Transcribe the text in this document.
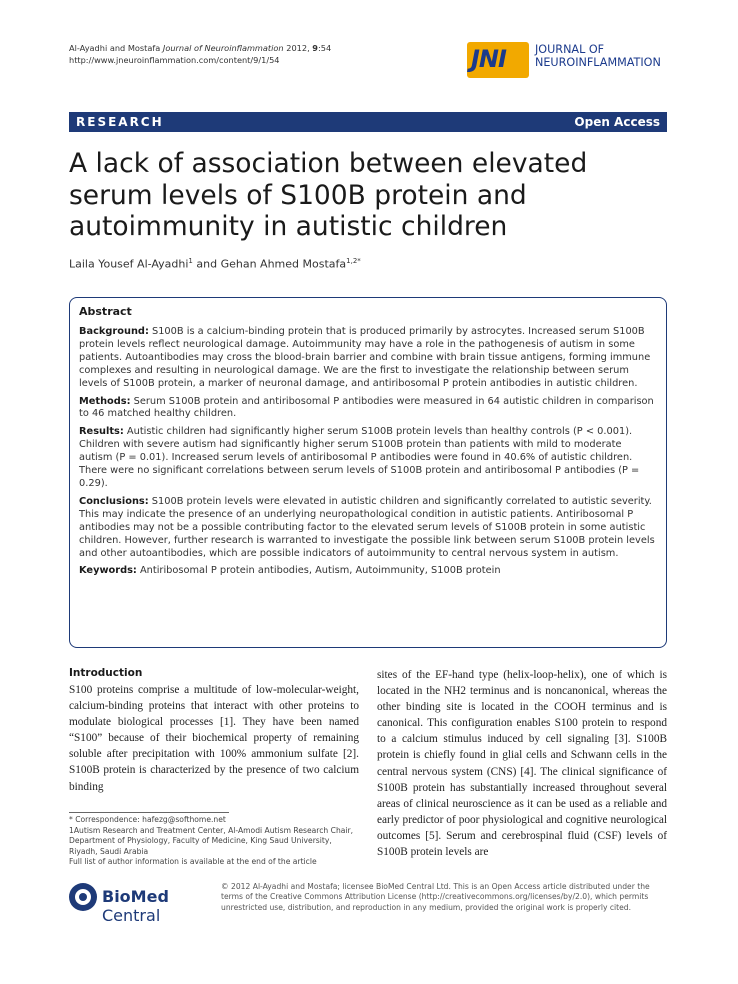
Al-Ayadhi and Mostafa Journal of Neuroinflammation 2012, 9:54
http://www.jneuroinflammation.com/content/9/1/54	JNI	JOURNAL OF
NEUROINFLAMMATION
RESEARCH	Open Access
A lack of association between elevated serum levels of S100B protein and autoimmunity in autistic children
Laila Yousef Al-Ayadhi$^1$ and Gehan Ahmed Mostafa$^{1,2*}$
Abstract

Background: S100B is a calcium-binding protein that is produced primarily by astrocytes. Increased serum S100B protein levels reflect neurological damage. Autoimmunity may have a role in the pathogenesis of autism in some patients. Autoantibodies may cross the blood-brain barrier and combine with brain tissue antigens, forming immune complexes and resulting in neurological damage. We are the first to investigate the relationship between serum levels of S100B protein, a marker of neuronal damage, and antiribosomal P protein antibodies in autistic children.

Methods: Serum S100B protein and antiribosomal P antibodies were measured in 64 autistic children in comparison to 46 matched healthy children.

Results: Autistic children had significantly higher serum S100B protein levels than healthy controls (P < 0.001). Children with severe autism had significantly higher serum S100B protein than patients with mild to moderate autism (P = 0.01). Increased serum levels of antiribosomal P antibodies were found in 40.6% of autistic children. There were no significant correlations between serum levels of S100B protein and antiribosomal P antibodies (P = 0.29).

Conclusions: S100B protein levels were elevated in autistic children and significantly correlated to autistic severity. This may indicate the presence of an underlying neuropathological condition in autistic patients. Antiribosomal P antibodies may not be a possible contributing factor to the elevated serum levels of S100B protein in some autistic children. However, further research is warranted to investigate the possible link between serum S100B protein levels and other autoantibodies, which are possible indicators of autoimmunity to central nervous system in autism.

Keywords: Antiribosomal P protein antibodies, Autism, Autoimmunity, S100B protein

Introduction

S100 proteins comprise a multitude of low-molecular-weight, calcium-binding proteins that interact with other proteins to modulate biological processes [1]. They have been named “S100” because of their biochemical property of remaining soluble after precipitation with 100% ammonium sulfate [2]. S100B protein is characterized by the presence of two calcium binding

sites of the EF-hand type (helix-loop-helix), one of which is located in the NH2 terminus and is noncanonical, whereas the other binding site is located in the COOH terminus and is canonical. This configuration enables S100 protein to respond to a calcium stimulus induced by cell signaling [3]. S100B protein is chiefly found in glial cells and Schwann cells in the central nervous system (CNS) [4]. The clinical significance of S100B protein has substantially increased throughout several areas of clinical neuroscience as it can be used as a reliable and early predictor of poor physiological and cognitive neurological outcomes [5]. Serum and cerebrospinal fluid (CSF) levels of S100B protein levels are

* Correspondence: hafezg@softhome.net
1Autism Research and Treatment Center, Al-Amodi Autism Research Chair, Department of Physiology, Faculty of Medicine, King Saud University, Riyadh, Saudi Arabia
Full list of author information is available at the end of the article
BioMed Central
© 2012 Al-Ayadhi and Mostafa; licensee BioMed Central Ltd. This is an Open Access article distributed under the terms of the Creative Commons Attribution License (http://creativecommons.org/licenses/by/2.0), which permits unrestricted use, distribution, and reproduction in any medium, provided the original work is properly cited.
